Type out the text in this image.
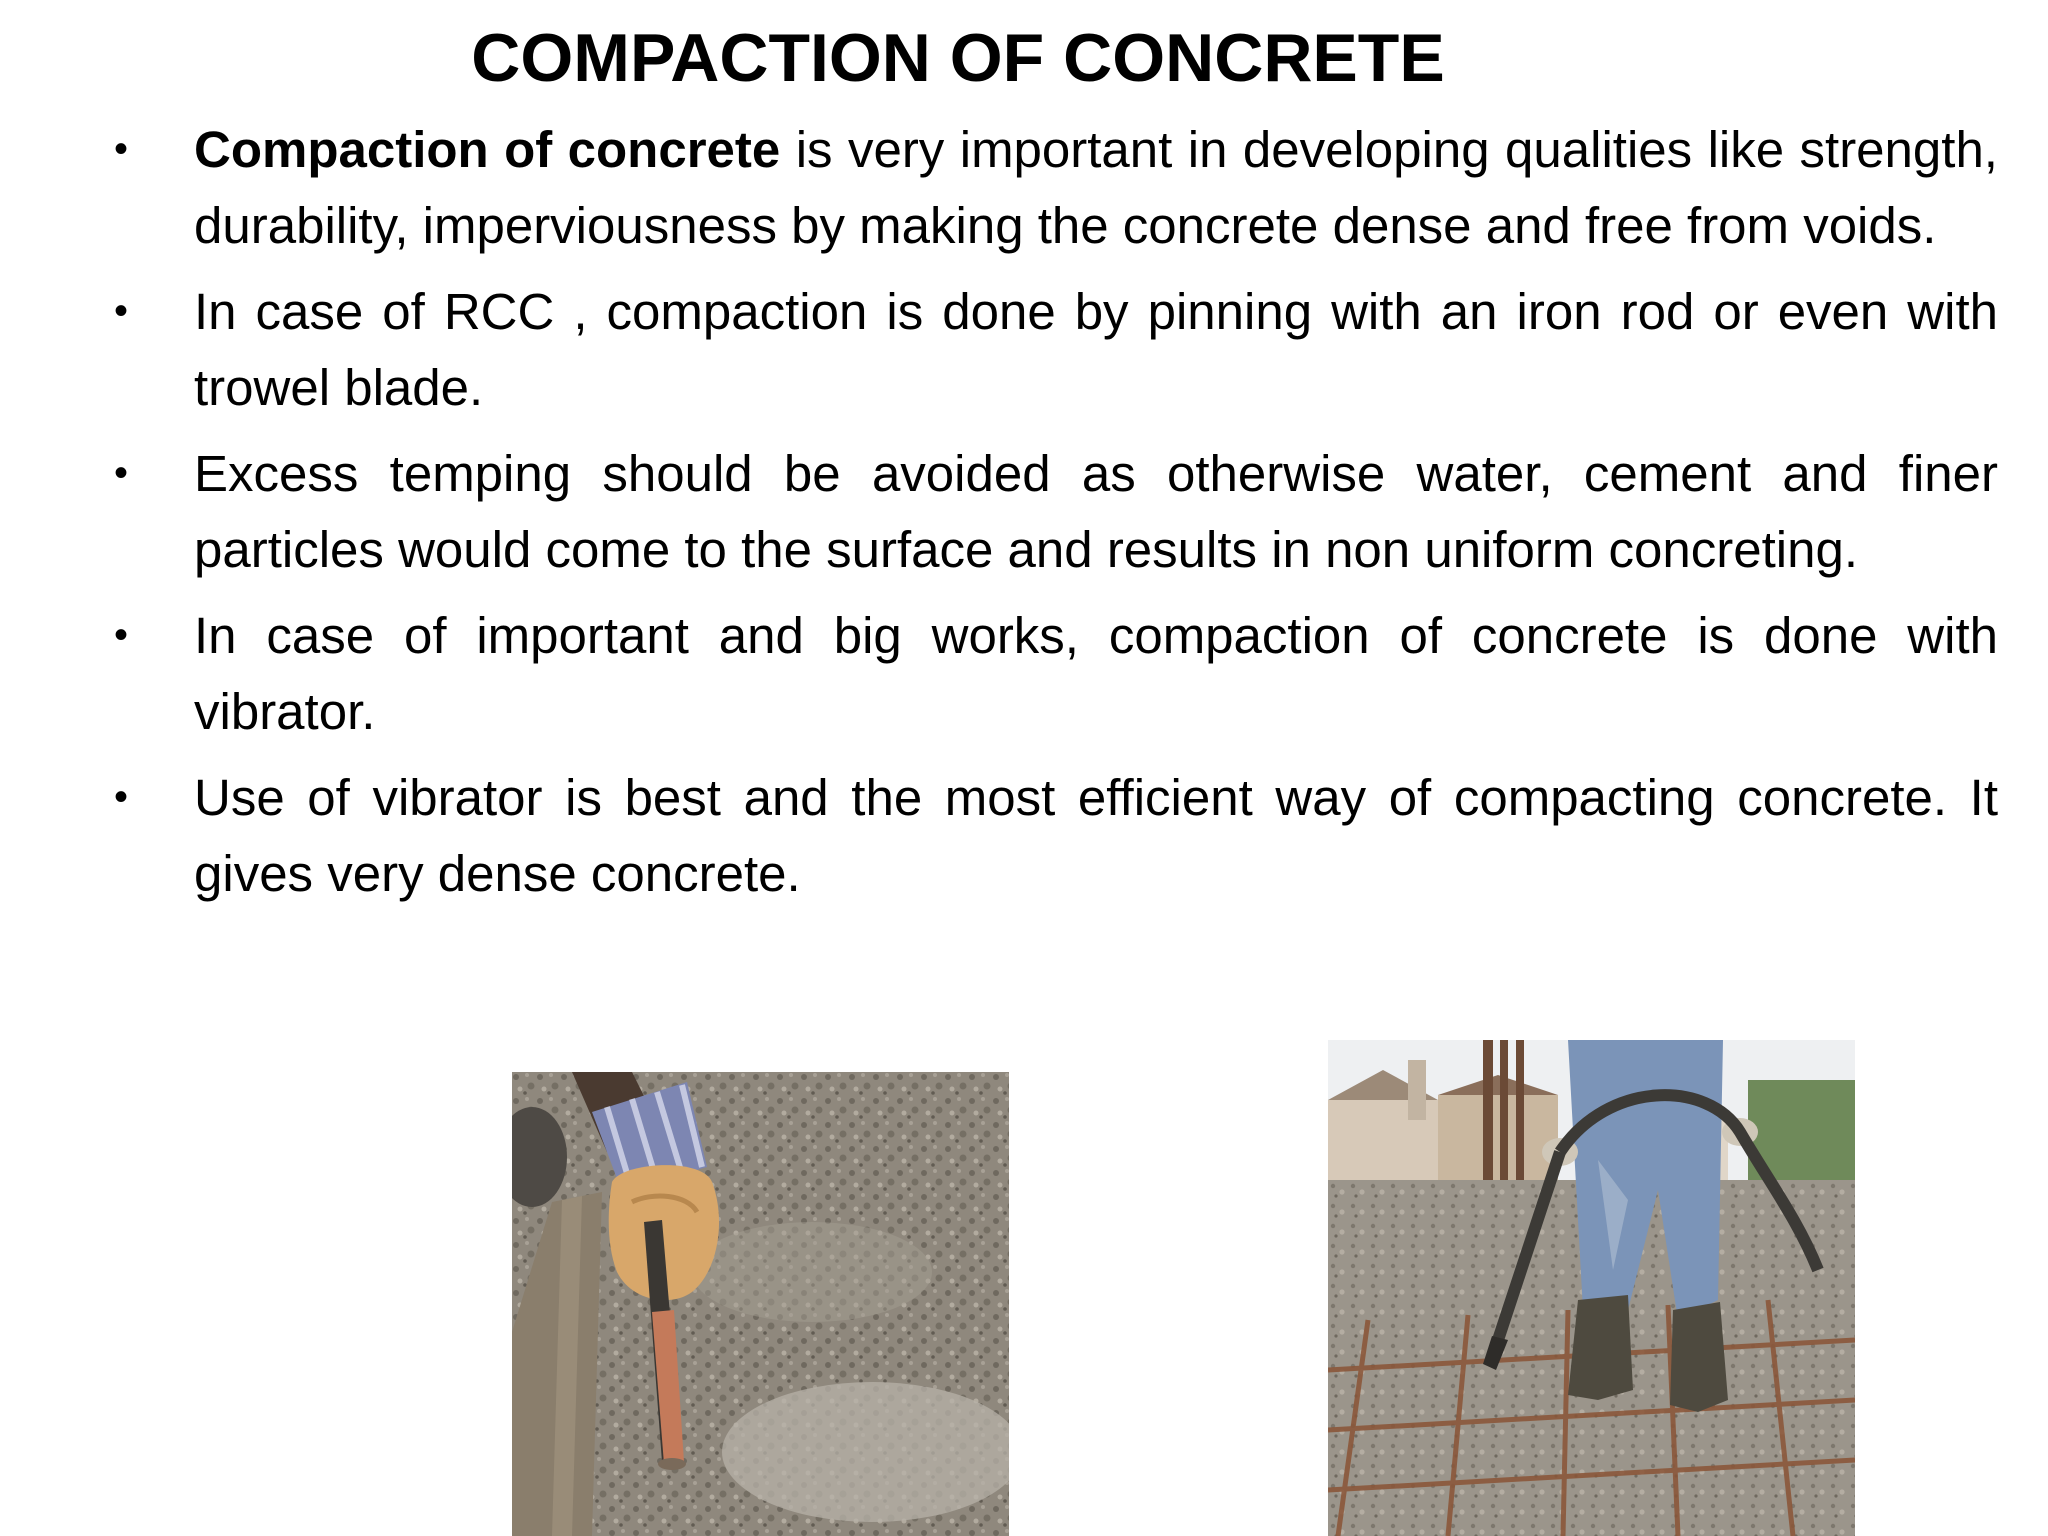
COMPACTION OF CONCRETE
• Compaction of concrete is very important in developing qualities like strength, durability, imperviousness by making the concrete dense and free from voids.
• In case of RCC , compaction is done by pinning with an iron rod or even with trowel blade.
• Excess temping should be avoided as otherwise water, cement and finer particles would come to the surface and results in non uniform concreting.
• In case of important and big works, compaction of concrete is done with vibrator.
• Use of vibrator is best and the most efficient way of compacting concrete. It gives very dense concrete.
